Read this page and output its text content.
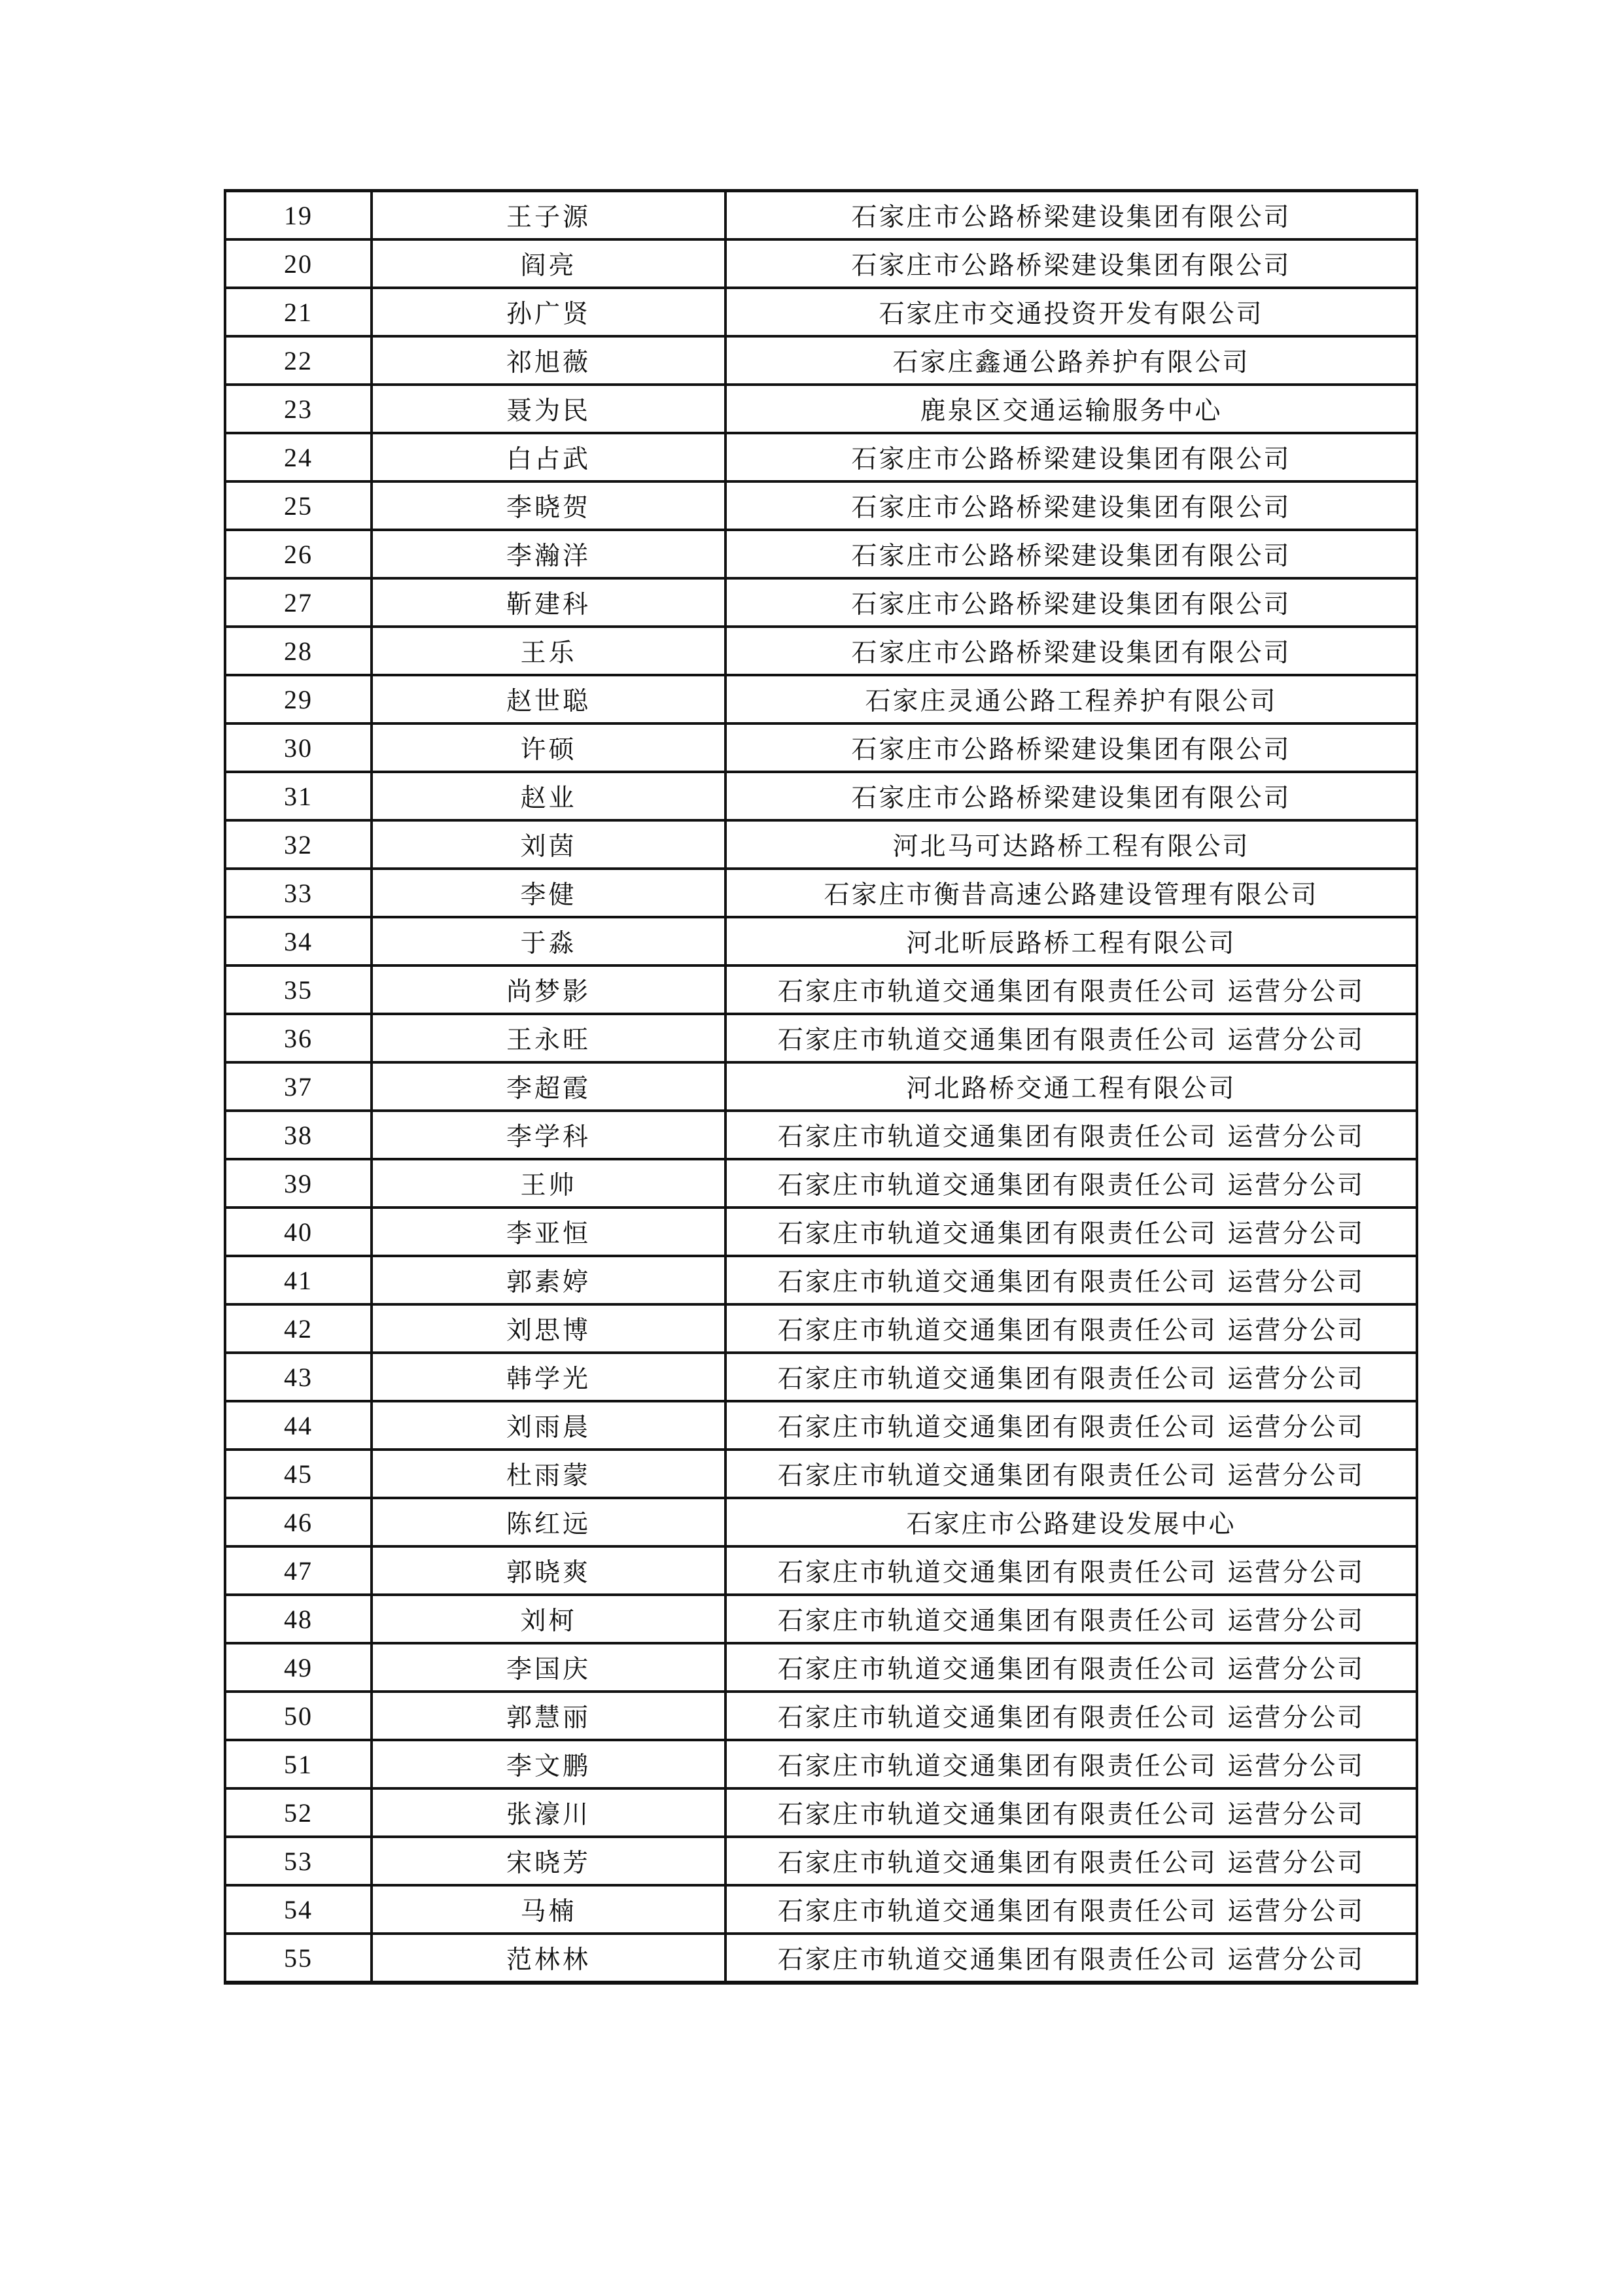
19	王子源	石家庄市公路桥梁建设集团有限公司
20	阎亮	石家庄市公路桥梁建设集团有限公司
21	孙广贤	石家庄市交通投资开发有限公司
22	祁旭薇	石家庄鑫通公路养护有限公司
23	聂为民	鹿泉区交通运输服务中心
24	白占武	石家庄市公路桥梁建设集团有限公司
25	李晓贺	石家庄市公路桥梁建设集团有限公司
26	李瀚洋	石家庄市公路桥梁建设集团有限公司
27	靳建科	石家庄市公路桥梁建设集团有限公司
28	王乐	石家庄市公路桥梁建设集团有限公司
29	赵世聪	石家庄灵通公路工程养护有限公司
30	许硕	石家庄市公路桥梁建设集团有限公司
31	赵业	石家庄市公路桥梁建设集团有限公司
32	刘茵	河北马可达路桥工程有限公司
33	李健	石家庄市衡昔高速公路建设管理有限公司
34	于淼	河北昕辰路桥工程有限公司
35	尚梦影	石家庄市轨道交通集团有限责任公司 运营分公司
36	王永旺	石家庄市轨道交通集团有限责任公司 运营分公司
37	李超霞	河北路桥交通工程有限公司
38	李学科	石家庄市轨道交通集团有限责任公司 运营分公司
39	王帅	石家庄市轨道交通集团有限责任公司 运营分公司
40	李亚恒	石家庄市轨道交通集团有限责任公司 运营分公司
41	郭素婷	石家庄市轨道交通集团有限责任公司 运营分公司
42	刘思博	石家庄市轨道交通集团有限责任公司 运营分公司
43	韩学光	石家庄市轨道交通集团有限责任公司 运营分公司
44	刘雨晨	石家庄市轨道交通集团有限责任公司 运营分公司
45	杜雨蒙	石家庄市轨道交通集团有限责任公司 运营分公司
46	陈红远	石家庄市公路建设发展中心
47	郭晓爽	石家庄市轨道交通集团有限责任公司 运营分公司
48	刘柯	石家庄市轨道交通集团有限责任公司 运营分公司
49	李国庆	石家庄市轨道交通集团有限责任公司 运营分公司
50	郭慧丽	石家庄市轨道交通集团有限责任公司 运营分公司
51	李文鹏	石家庄市轨道交通集团有限责任公司 运营分公司
52	张濠川	石家庄市轨道交通集团有限责任公司 运营分公司
53	宋晓芳	石家庄市轨道交通集团有限责任公司 运营分公司
54	马楠	石家庄市轨道交通集团有限责任公司 运营分公司
55	范林林	石家庄市轨道交通集团有限责任公司 运营分公司
